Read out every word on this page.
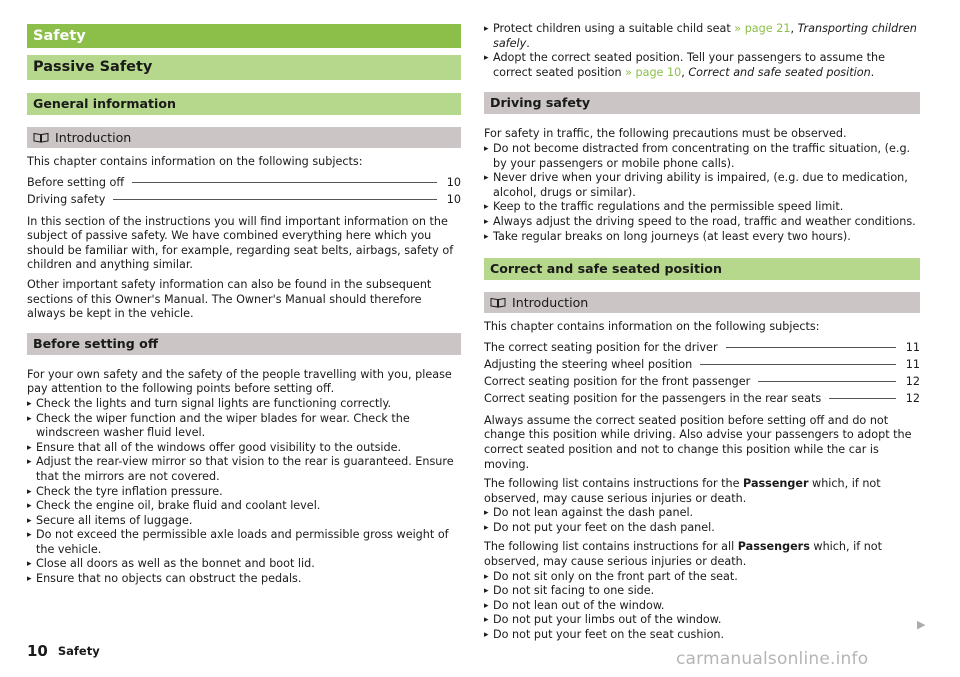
Safety
Passive Safety
General information
Introduction

This chapter contains information on the following subjects:

Before setting off	10
Driving safety	10

In this section of the instructions you will find important information on the subject of passive safety. We have combined everything here which you should be familiar with, for example, regarding seat belts, airbags, safety of children and anything similar.

Other important safety information can also be found in the subsequent sections of this Owner's Manual. The Owner's Manual should therefore always be kept in the vehicle.

Before setting off

For your own safety and the safety of the people travelling with you, please pay attention to the following points before setting off.

▸ Check the lights and turn signal lights are functioning correctly.
▸ Check the wiper function and the wiper blades for wear. Check the windscreen washer fluid level.
▸ Ensure that all of the windows offer good visibility to the outside.
▸ Adjust the rear-view mirror so that vision to the rear is guaranteed. Ensure that the mirrors are not covered.
▸ Check the tyre inflation pressure.
▸ Check the engine oil, brake fluid and coolant level.
▸ Secure all items of luggage.
▸ Do not exceed the permissible axle loads and permissible gross weight of the vehicle.
▸ Close all doors as well as the bonnet and boot lid.
▸ Ensure that no objects can obstruct the pedals.
▸ Protect children using a suitable child seat » page 21, Transporting children safely.
▸ Adopt the correct seated position. Tell your passengers to assume the correct seated position » page 10, Correct and safe seated position.
Driving safety

For safety in traffic, the following precautions must be observed.

▸ Do not become distracted from concentrating on the traffic situation, (e.g. by your passengers or mobile phone calls).
▸ Never drive when your driving ability is impaired, (e.g. due to medication, alcohol, drugs or similar).
▸ Keep to the traffic regulations and the permissible speed limit.
▸ Always adjust the driving speed to the road, traffic and weather conditions.
▸ Take regular breaks on long journeys (at least every two hours).
Correct and safe seated position
Introduction

This chapter contains information on the following subjects:

The correct seating position for the driver	11
Adjusting the steering wheel position	11
Correct seating position for the front passenger	12
Correct seating position for the passengers in the rear seats	12

Always assume the correct seated position before setting off and do not change this position while driving. Also advise your passengers to adopt the correct seated position and not to change this position while the car is moving.

The following list contains instructions for the Passenger which, if not observed, may cause serious injuries or death.

▸ Do not lean against the dash panel.
▸ Do not put your feet on the dash panel.

The following list contains instructions for all Passengers which, if not observed, may cause serious injuries or death.

▸ Do not sit only on the front part of the seat.
▸ Do not sit facing to one side.
▸ Do not lean out of the window.
▸ Do not put your limbs out of the window.
▸ Do not put your feet on the seat cushion.
▶
10 Safety	carmanualsonline.info
